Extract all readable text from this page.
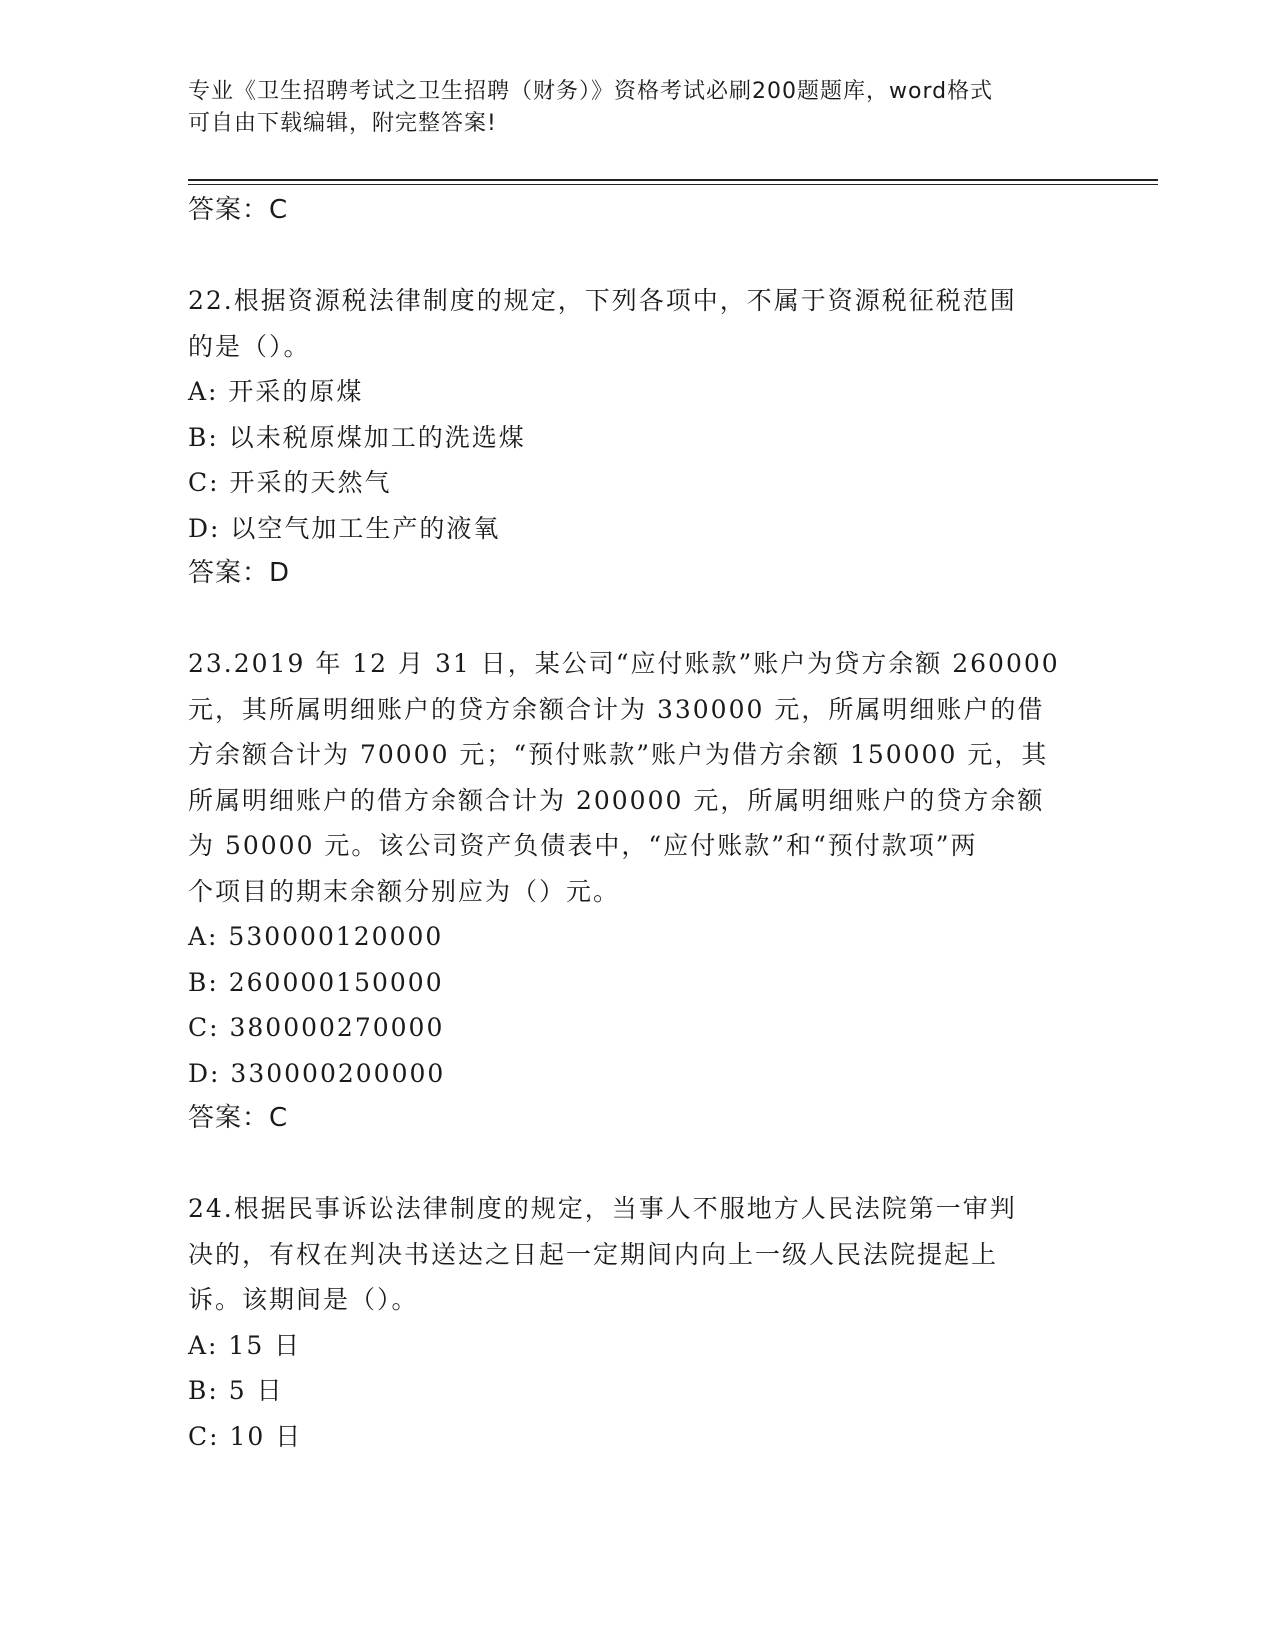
专业《卫生招聘考试之卫生招聘（财务）》资格考试必刷200题题库，word格式
可自由下载编辑，附完整答案!
答案：C
22.根据资源税法律制度的规定，下列各项中，不属于资源税征税范围
的是（）。
A: 开采的原煤
B: 以未税原煤加工的洗选煤
C: 开采的天然气
D: 以空气加工生产的液氧
答案：D
23.2019 年 12 月 31 日，某公司“应付账款”账户为贷方余额 260000
元，其所属明细账户的贷方余额合计为 330000 元，所属明细账户的借
方余额合计为 70000 元；“预付账款”账户为借方余额 150000 元，其
所属明细账户的借方余额合计为 200000 元，所属明细账户的贷方余额
为 50000 元。该公司资产负债表中，“应付账款”和“预付款项”两
个项目的期末余额分别应为（）元。
A: 530000120000
B: 260000150000
C: 380000270000
D: 330000200000
答案：C
24.根据民事诉讼法律制度的规定，当事人不服地方人民法院第一审判
决的，有权在判决书送达之日起一定期间内向上一级人民法院提起上
诉。该期间是（）。
A: 15 日
B: 5 日
C: 10 日
